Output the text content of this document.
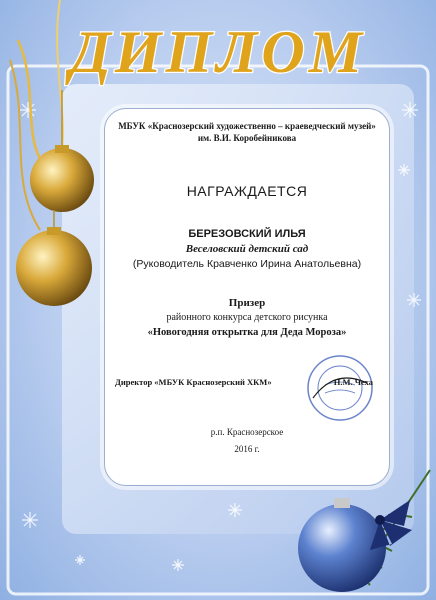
ДИПЛОМ
МБУК «Краснозерский художественно – краеведческий музей»
им. В.И. Коробейникова
НАГРАЖДАЕТСЯ
БЕРЕЗОВСКИЙ ИЛЬЯ
Веселовский детский сад
(Руководитель Кравченко Ирина Анатольевна)
Призер
районного конкурса детского рисунка
«Новогодняя открытка для Деда Мороза»
Директор «МБУК Краснозерский ХКМ»	Н.М. Чеха
р.п. Краснозерское
2016 г.
